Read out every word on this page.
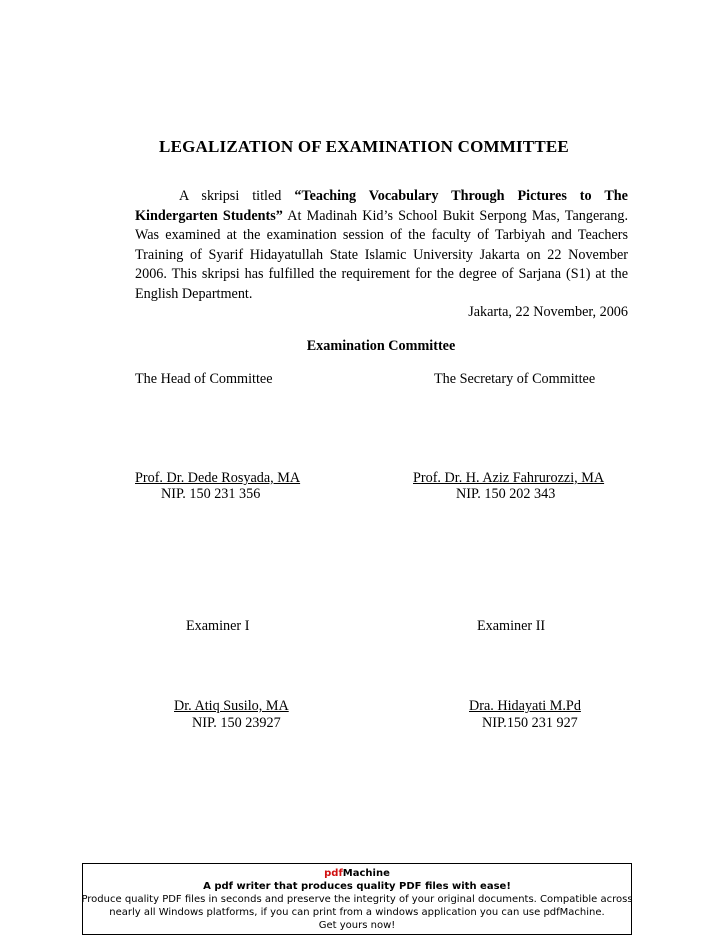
LEGALIZATION OF EXAMINATION COMMITTEE
A skripsi titled “Teaching Vocabulary Through Pictures to The Kindergarten Students” At Madinah Kid’s School Bukit Serpong Mas, Tangerang. Was examined at the examination session of the faculty of Tarbiyah and Teachers Training of Syarif Hidayatullah State Islamic University Jakarta on 22 November 2006. This skripsi has fulfilled the requirement for the degree of Sarjana (S1) at the English Department.
Jakarta, 22 November, 2006
Examination Committee
The Head of Committee	The Secretary of Committee
Prof. Dr. Dede Rosyada, MA
NIP. 150 231 356
Prof. Dr. H. Aziz Fahrurozzi, MA
NIP. 150 202 343
Examiner I	Examiner II
Dr. Atiq Susilo, MA
NIP. 150 23927
Dra. Hidayati M.Pd
NIP.150 231 927
pdfMachine
A pdf writer that produces quality PDF files with ease!
Produce quality PDF files in seconds and preserve the integrity of your original documents. Compatible across nearly all Windows platforms, if you can print from a windows application you can use pdfMachine.
Get yours now!
